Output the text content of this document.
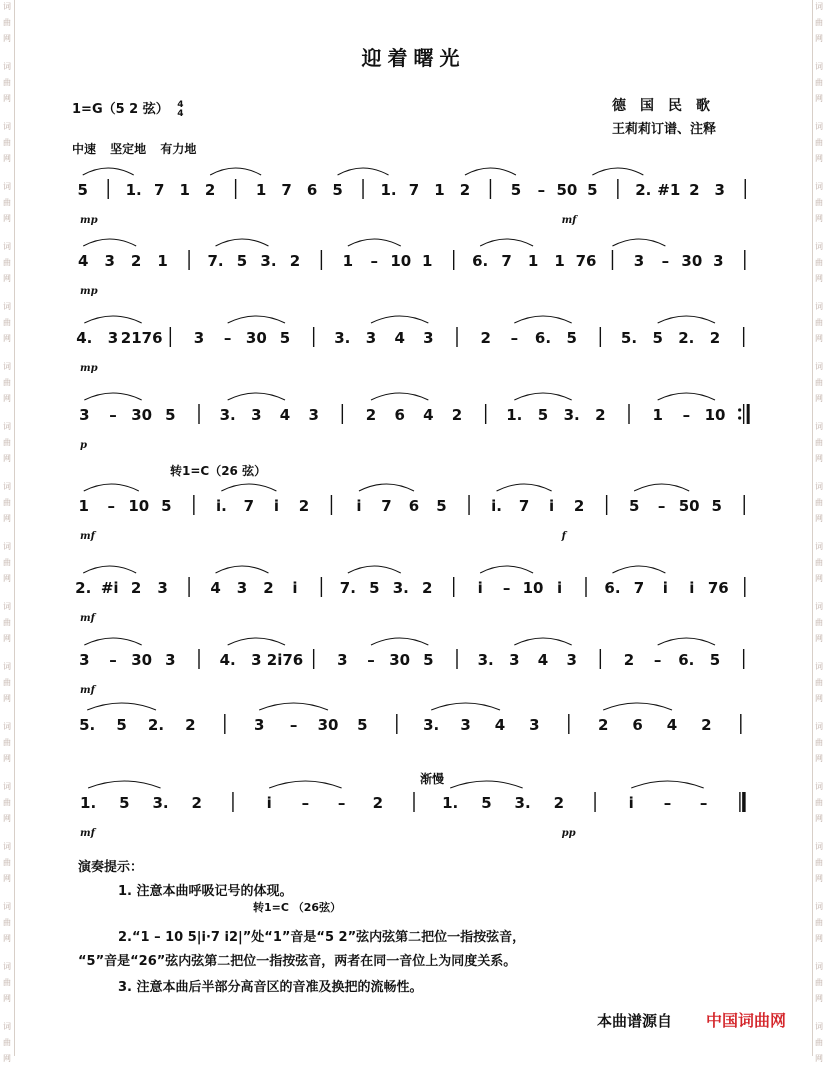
词
曲
网
词
曲
网
词
曲
网
词
曲
网
词
曲
网
词
曲
网
词
曲
网
词
曲
网
词
曲
网
词
曲
网
词
曲
网
词
曲
网
词
曲
网
词
曲
网
词
曲
网
词
曲
网
词
曲
网
词
曲
网
词
曲
网
词
曲
网
词
曲
网
词
曲
网
词
曲
网
词
曲
网
词
曲
网
词
曲
网
词
曲
网
词
曲
网
词
曲
网
词
曲
网
词
曲
网
词
曲
网
词
曲
网
词
曲
网
词
曲
网
词
曲
网
迎着曙光
1=G（5 2 弦） 4
4	德国民歌
王莉莉订谱、注释
中速 坚定地 有力地
转1=C（26 弦）
渐慢
5	1. 7 1 2	1 7 6 5	1. 7 1 2	5 – 50 5	2. #1 2 3
mp	mf
4 3 2 1	7. 5 3. 2	1 – 10 1	6. 7 1 1 76 3 – 30 3
mp
4. 3 2176 3 – 30 5	3. 3 4 3	2 – 6. 5	5. 5 2. 2
mp
3 – 30 5	3. 3 4 3	2 6 4 2	1. 5 3. 2	1 – 10
p
1 – 10 5	i. 7 i 2	i 7 6 5	i. 7 i 2	5 – 50 5
mf	f
2. #i 2 3	4 3 2 i	7. 5 3. 2	i – 10 i	6. 7 i i 76
mf
3 – 30 3	4. 3 2i76 3 – 30 5	3. 3 4 3	2 – 6. 5
mf
5. 5 2. 2	3 – 30 5	3. 3 4 3	2 6 4 2
1. 5 3. 2	i – – 2	1. 5 3. 2	i – –
mf	pp
演奏提示：
1. 注意本曲呼吸记号的体现。
转1=C （26弦）
2.“1 – 10 5|i·7 i2|”处“1”音是“5 2”弦内弦第二把位一指按弦音，
“5”音是“26”弦内弦第二把位一指按弦音，两者在同一音位上为同度关系。
3. 注意本曲后半部分高音区的音准及换把的流畅性。
本曲谱源自 中国词曲网
